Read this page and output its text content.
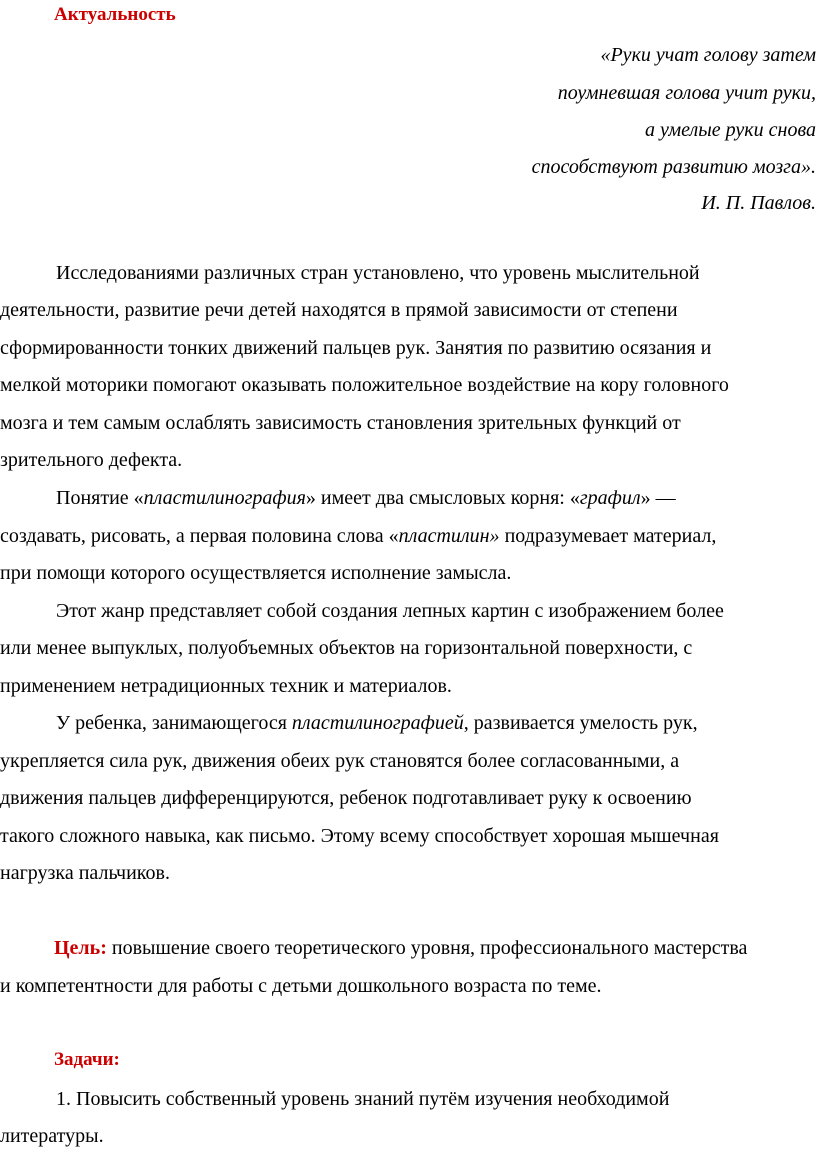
Актуальность
«Руки учат голову затем
поумневшая голова учит руки,
а умелые руки снова
способствуют развитию мозга».
И. П. Павлов.
Исследованиями различных стран установлено, что уровень мыслительной
деятельности, развитие речи детей находятся в прямой зависимости от степени
сформированности тонких движений пальцев рук. Занятия по развитию осязания и
мелкой моторики помогают оказывать положительное воздействие на кору головного
мозга и тем самым ослаблять зависимость становления зрительных функций от
зрительного дефекта.
Понятие «пластилинография» имеет два смысловых корня: «графил» —
создавать, рисовать, а первая половина слова «пластилин» подразумевает материал,
при помощи которого осуществляется исполнение замысла.
Этот жанр представляет собой создания лепных картин с изображением более
или менее выпуклых, полуобъемных объектов на горизонтальной поверхности, с
применением нетрадиционных техник и материалов.
У ребенка, занимающегося пластилинографией, развивается умелость рук,
укрепляется сила рук, движения обеих рук становятся более согласованными, а
движения пальцев дифференцируются, ребенок подготавливает руку к освоению
такого сложного навыка, как письмо. Этому всему способствует хорошая мышечная
нагрузка пальчиков.
Цель: повышение своего теоретического уровня, профессионального мастерства
и компетентности для работы с детьми дошкольного возраста по теме.
Задачи:
1. Повысить собственный уровень знаний путём изучения необходимой
литературы.
